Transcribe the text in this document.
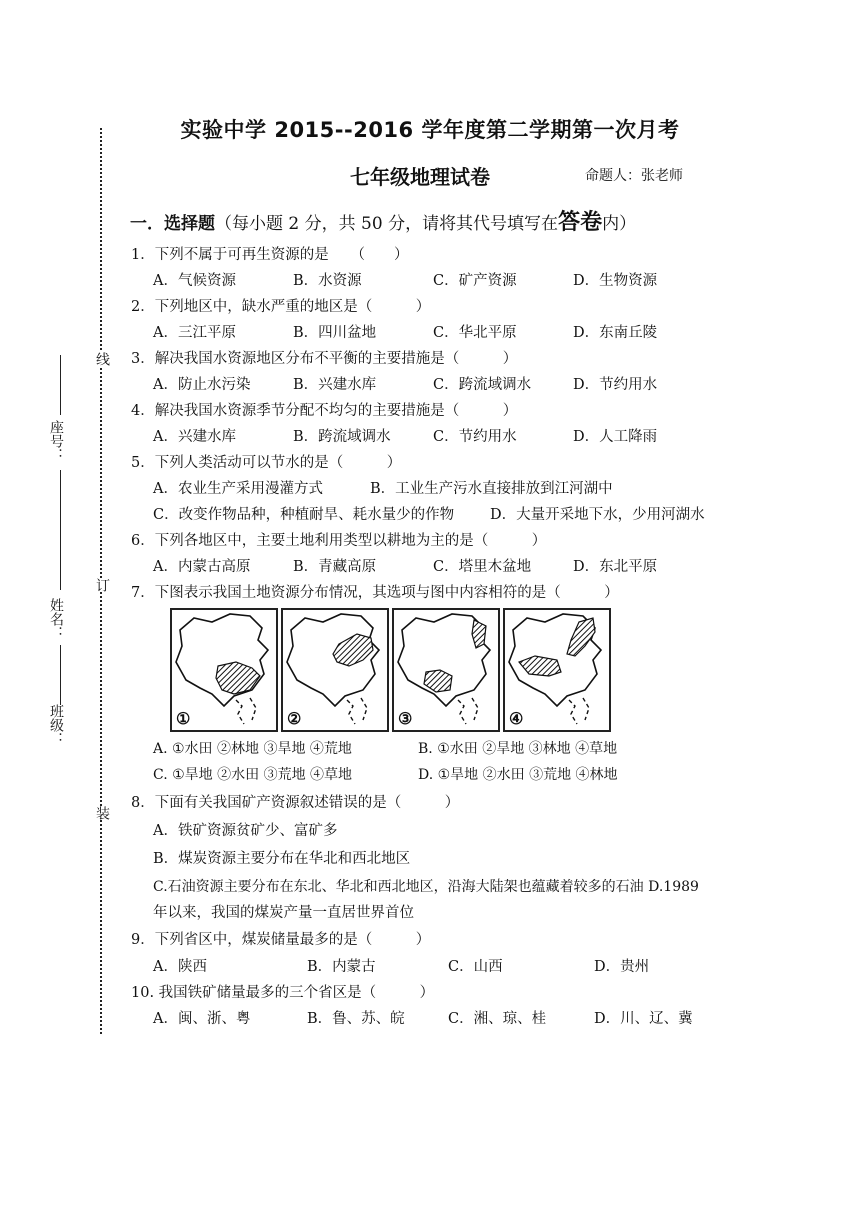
线
订
装
座号：
姓名：
班级：
实验中学 2015--2016 学年度第二学期第一次月考
七年级地理试卷	命题人：张老师
一．选择题（每小题 2 分，共 50 分，请将其代号填写在答卷内）
1．下列不属于可再生资源的是　　（　　）
A．气候资源	B．水资源	C．矿产资源	D．生物资源
2．下列地区中，缺水严重的地区是（　　　）
A．三江平原	B．四川盆地	C．华北平原	D．东南丘陵
3．解决我国水资源地区分布不平衡的主要措施是（　　　）
A．防止水污染	B．兴建水库	C．跨流域调水	D．节约用水
4．解决我国水资源季节分配不均匀的主要措施是（　　　）
A．兴建水库	B．跨流域调水	C．节约用水	D．人工降雨
5．下列人类活动可以节水的是（　　　）
A．农业生产采用漫灌方式	B．工业生产污水直接排放到江河湖中
C．改变作物品种，种植耐旱、耗水量少的作物 D．大量开采地下水，少用河湖水
6．下列各地区中，主要土地利用类型以耕地为主的是（　　　）
A．内蒙古高原	B．青藏高原	C．塔里木盆地	D．东北平原
7．下图表示我国土地资源分布情况，其选项与图中内容相符的是（　　　）
①	②	③	④
A. ①水田 ②林地 ③旱地 ④荒地	B. ①水田 ②旱地 ③林地 ④草地
C. ①旱地 ②水田 ③荒地 ④草地	D. ①旱地 ②水田 ③荒地 ④林地
8．下面有关我国矿产资源叙述错误的是（　　　）
A．铁矿资源贫矿少、富矿多
B．煤炭资源主要分布在华北和西北地区
C.石油资源主要分布在东北、华北和西北地区，沿海大陆架也蕴藏着较多的石油 D.1989
年以来，我国的煤炭产量一直居世界首位
9．下列省区中，煤炭储量最多的是（　　　）
A．陕西	B．内蒙古	C．山西	D．贵州
10. 我国铁矿储量最多的三个省区是（　　　）
A．闽、浙、粤	B．鲁、苏、皖	C．湘、琼、桂	D．川、辽、冀
